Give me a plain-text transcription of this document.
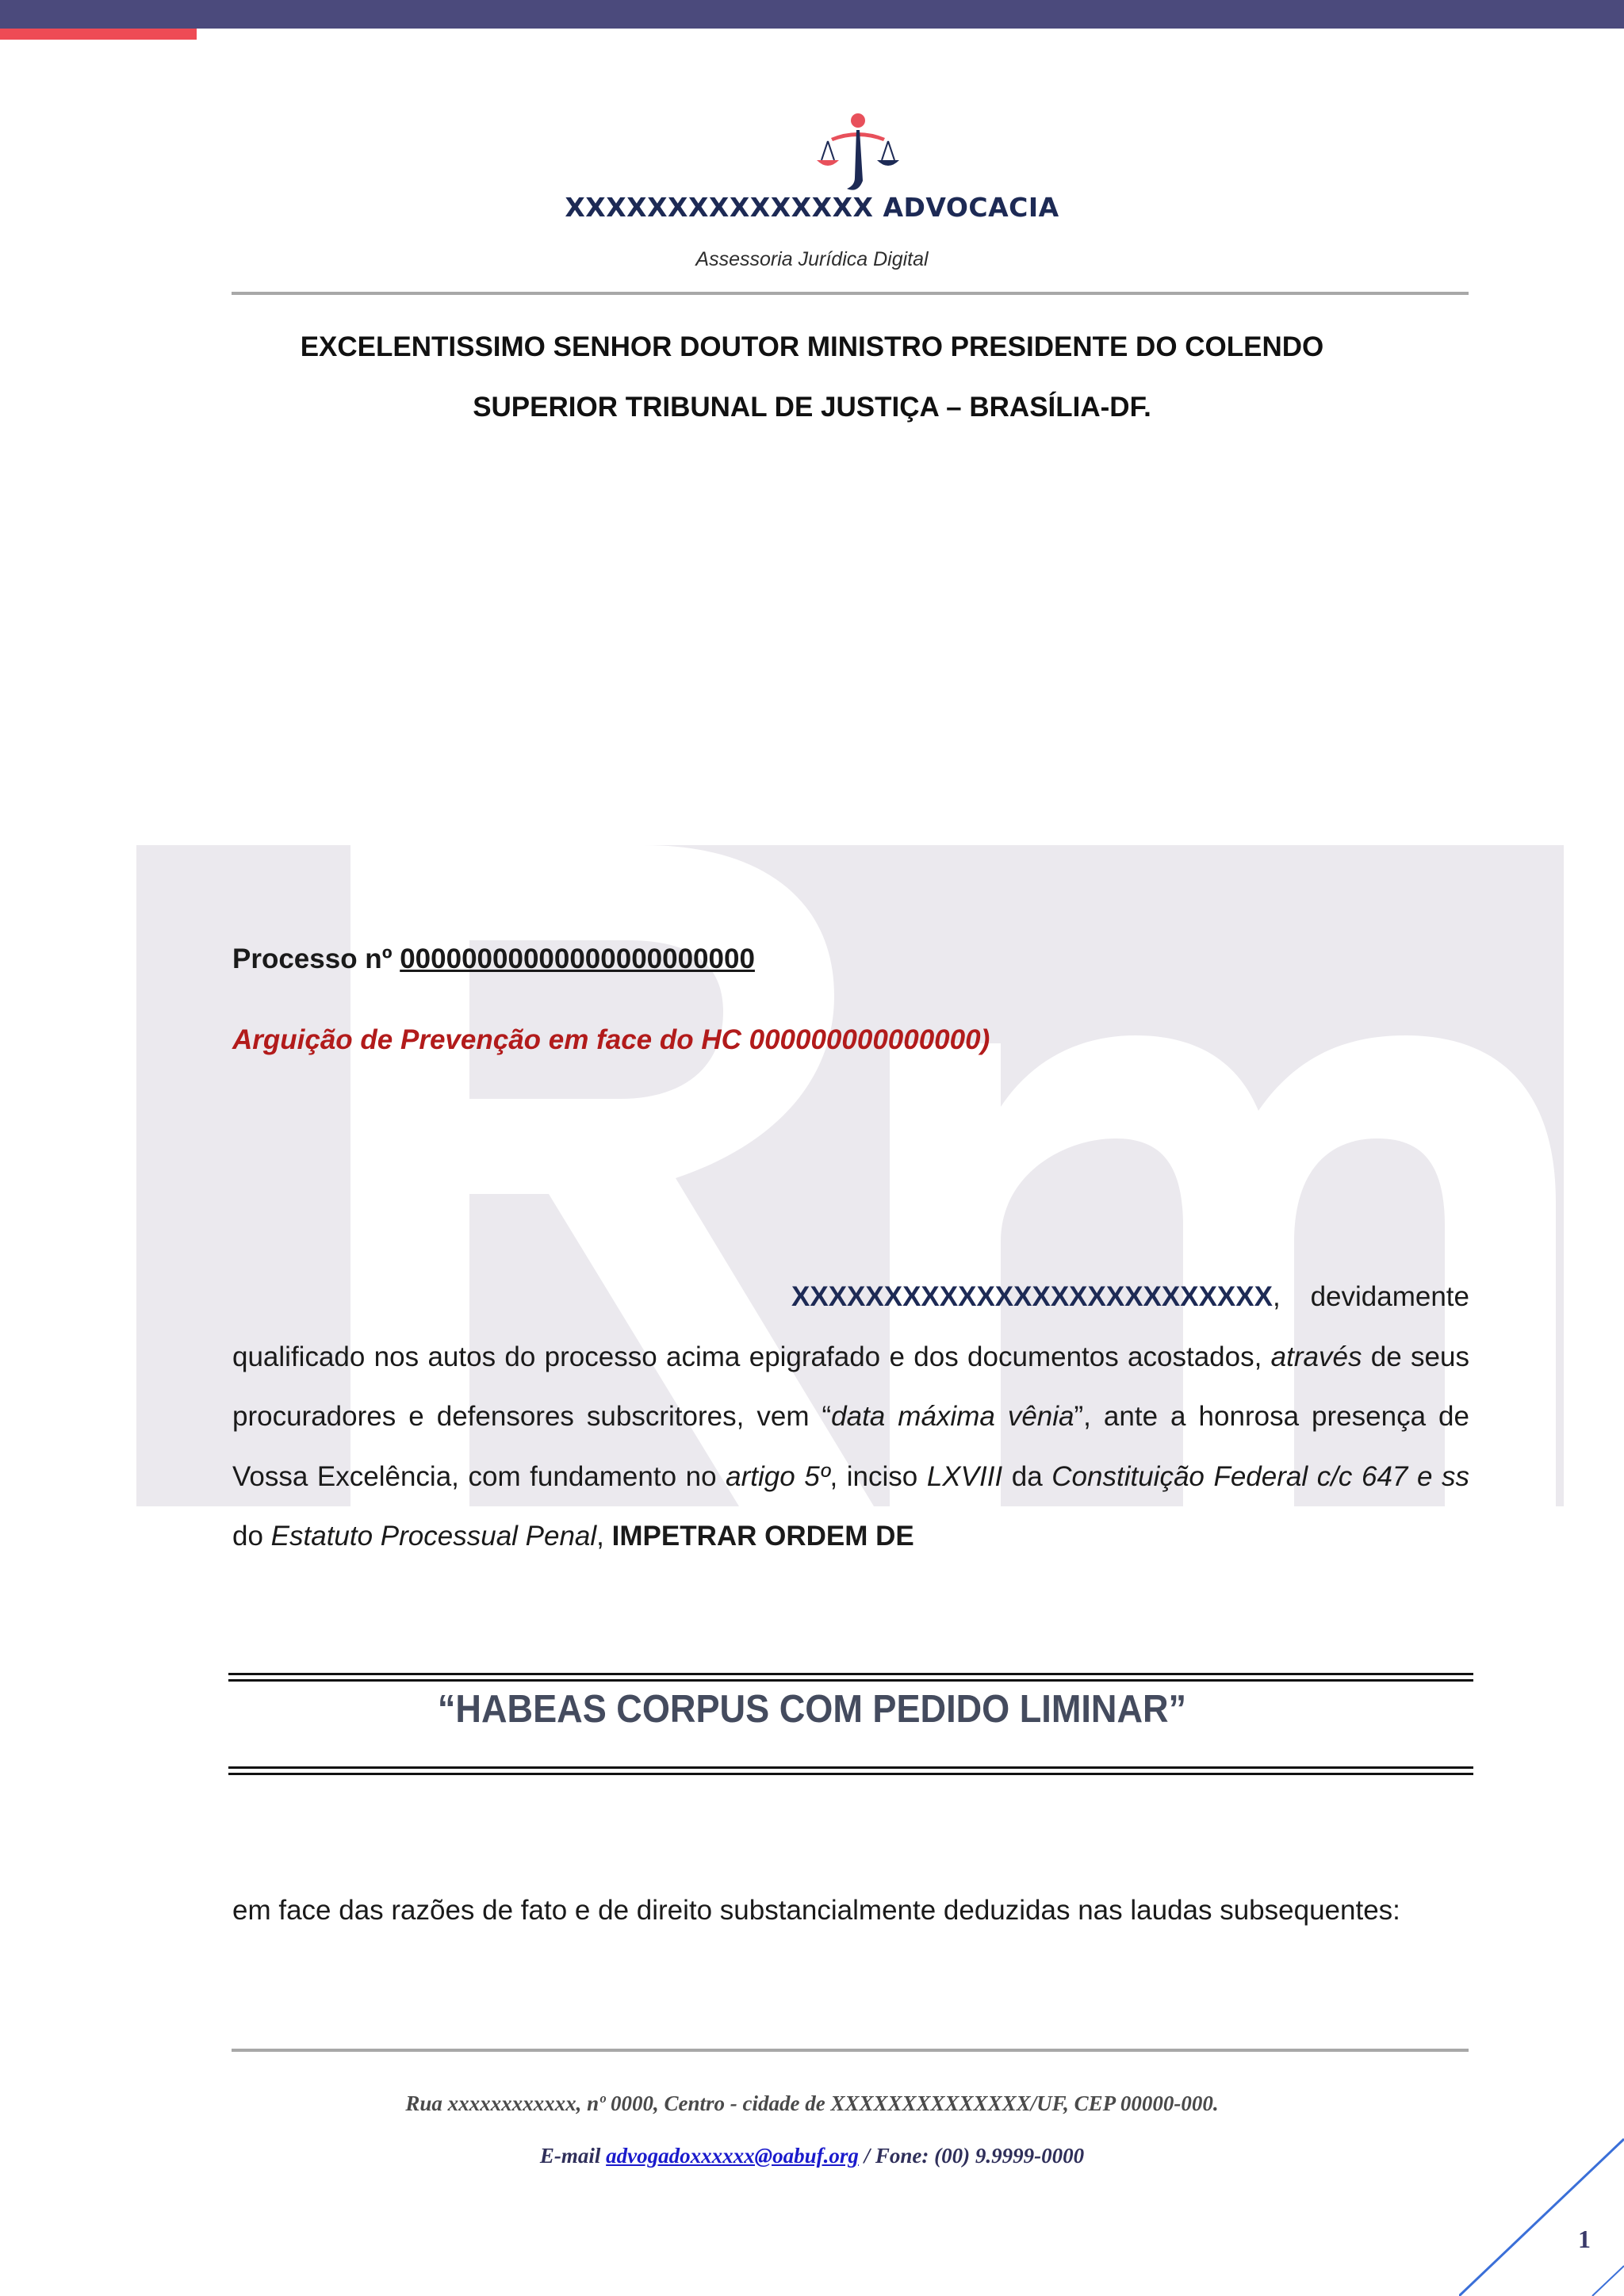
XXXXXXXXXXXXXXX ADVOCACIA
Assessoria Jurídica Digital
EXCELENTISSIMO SENHOR DOUTOR MINISTRO PRESIDENTE DO COLENDO
SUPERIOR TRIBUNAL DE JUSTIÇA – BRASÍLIA-DF.
Processo nº 00000000000000000000000
Arguição de Prevenção em face do HC 000000000000000)
XXXXXXXXXXXXXXXXXXXXXXXXXX, devidamente qualificado nos autos do processo acima epigrafado e dos documentos acostados, através de seus procuradores e defensores subscritores, vem “data máxima vênia”, ante a honrosa presença de Vossa Excelência, com fundamento no artigo 5º, inciso LXVIII da Constituição Federal c/c 647 e ss do Estatuto Processual Penal, IMPETRAR ORDEM DE
“HABEAS CORPUS COM PEDIDO LIMINAR”
em face das razões de fato e de direito substancialmente deduzidas nas laudas subsequentes:
Rua xxxxxxxxxxxx, nº 0000, Centro - cidade de XXXXXXXXXXXXXX/UF, CEP 00000-000.
E-mail advogadoxxxxxx@oabuf.org / Fone: (00) 9.9999-0000
1
